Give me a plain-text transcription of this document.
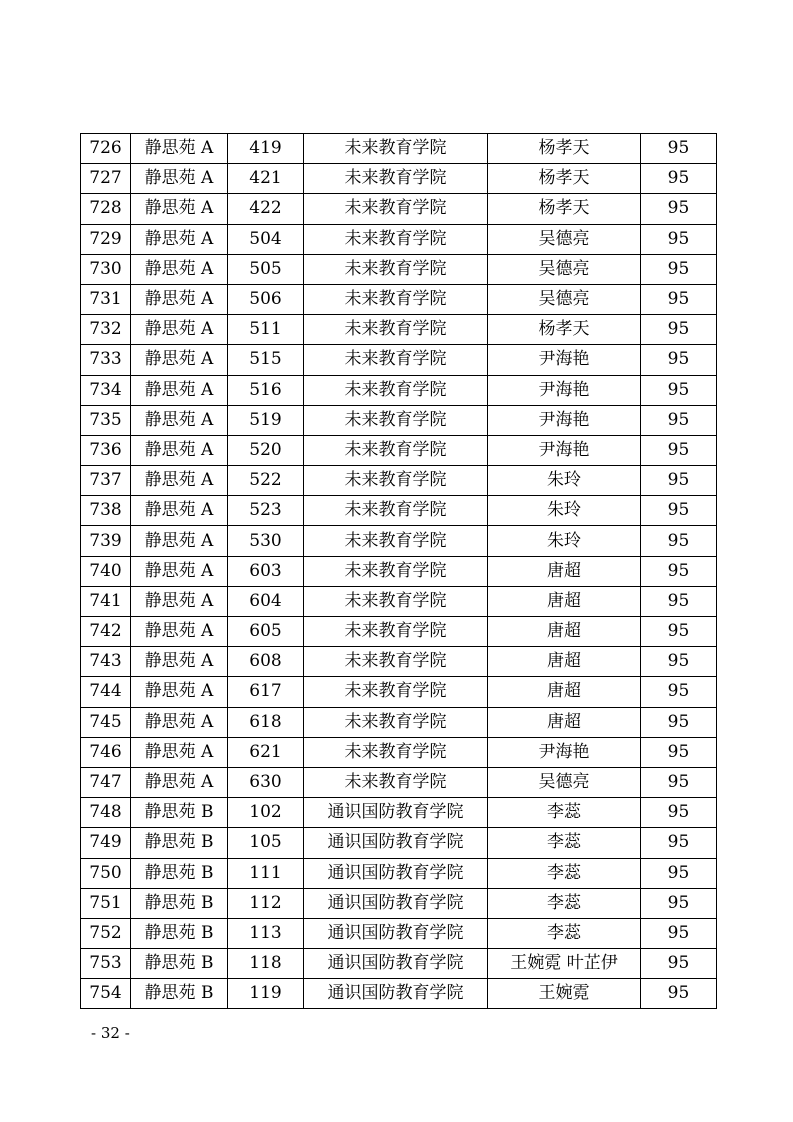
726	静思苑 A	419	未来教育学院	杨孝天	95
727	静思苑 A	421	未来教育学院	杨孝天	95
728	静思苑 A	422	未来教育学院	杨孝天	95
729	静思苑 A	504	未来教育学院	吴德亮	95
730	静思苑 A	505	未来教育学院	吴德亮	95
731	静思苑 A	506	未来教育学院	吴德亮	95
732	静思苑 A	511	未来教育学院	杨孝天	95
733	静思苑 A	515	未来教育学院	尹海艳	95
734	静思苑 A	516	未来教育学院	尹海艳	95
735	静思苑 A	519	未来教育学院	尹海艳	95
736	静思苑 A	520	未来教育学院	尹海艳	95
737	静思苑 A	522	未来教育学院	朱玲	95
738	静思苑 A	523	未来教育学院	朱玲	95
739	静思苑 A	530	未来教育学院	朱玲	95
740	静思苑 A	603	未来教育学院	唐超	95
741	静思苑 A	604	未来教育学院	唐超	95
742	静思苑 A	605	未来教育学院	唐超	95
743	静思苑 A	608	未来教育学院	唐超	95
744	静思苑 A	617	未来教育学院	唐超	95
745	静思苑 A	618	未来教育学院	唐超	95
746	静思苑 A	621	未来教育学院	尹海艳	95
747	静思苑 A	630	未来教育学院	吴德亮	95
748	静思苑 B	102	通识国防教育学院	李蕊	95
749	静思苑 B	105	通识国防教育学院	李蕊	95
750	静思苑 B	111	通识国防教育学院	李蕊	95
751	静思苑 B	112	通识国防教育学院	李蕊	95
752	静思苑 B	113	通识国防教育学院	李蕊	95
753	静思苑 B	118	通识国防教育学院	王婉霓 叶芷伊	95
754	静思苑 B	119	通识国防教育学院	王婉霓	95
- 32 -
